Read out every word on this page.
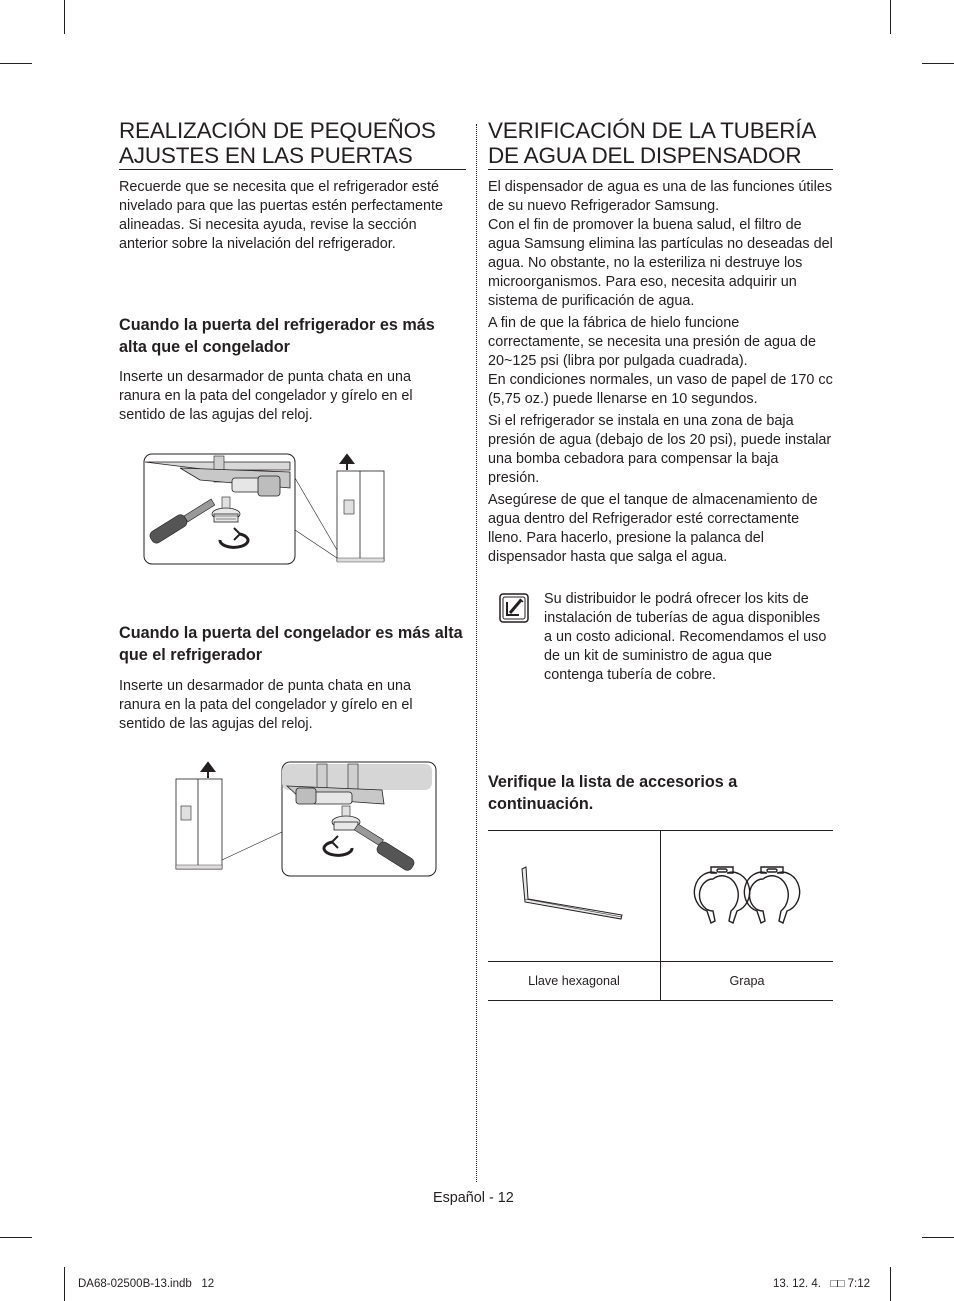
REALIZACIÓN DE PEQUEÑOS
AJUSTES EN LAS PUERTAS
Recuerde que se necesita que el refrigerador esté nivelado para que las puertas estén perfectamente alineadas. Si necesita ayuda, revise la sección anterior sobre la nivelación del refrigerador.
Cuando la puerta del refrigerador es más alta que el congelador
Inserte un desarmador de punta chata en una ranura en la pata del congelador y gírelo en el sentido de las agujas del reloj.
Cuando la puerta del congelador es más alta que el refrigerador
Inserte un desarmador de punta chata en una ranura en la pata del congelador y gírelo en el sentido de las agujas del reloj.
VERIFICACIÓN DE LA TUBERÍA
DE AGUA DEL DISPENSADOR

El dispensador de agua es una de las funciones útiles de su nuevo Refrigerador Samsung.

Con el fin de promover la buena salud, el filtro de agua Samsung elimina las partículas no deseadas del agua. No obstante, no la esteriliza ni destruye los microorganismos. Para eso, necesita adquirir un sistema de purificación de agua.

A fin de que la fábrica de hielo funcione correctamente, se necesita una presión de agua de 20~125 psi (libra por pulgada cuadrada).

En condiciones normales, un vaso de papel de 170 cc (5,75 oz.) puede llenarse en 10 segundos.

Si el refrigerador se instala en una zona de baja presión de agua (debajo de los 20 psi), puede instalar una bomba cebadora para compensar la baja presión.

Asegúrese de que el tanque de almacenamiento de agua dentro del Refrigerador esté correctamente lleno. Para hacerlo, presione la palanca del dispensador hasta que salga el agua.

Su distribuidor le podrá ofrecer los kits de instalación de tuberías de agua disponibles a un costo adicional. Recomendamos el uso de un kit de suministro de agua que contenga tubería de cobre.
Verifique la lista de accesorios a continuación.

Llave hexagonal	Grapa
Español - 12
DA68-02500B-13.indb   12	13. 12. 4.   □□ 7:12
